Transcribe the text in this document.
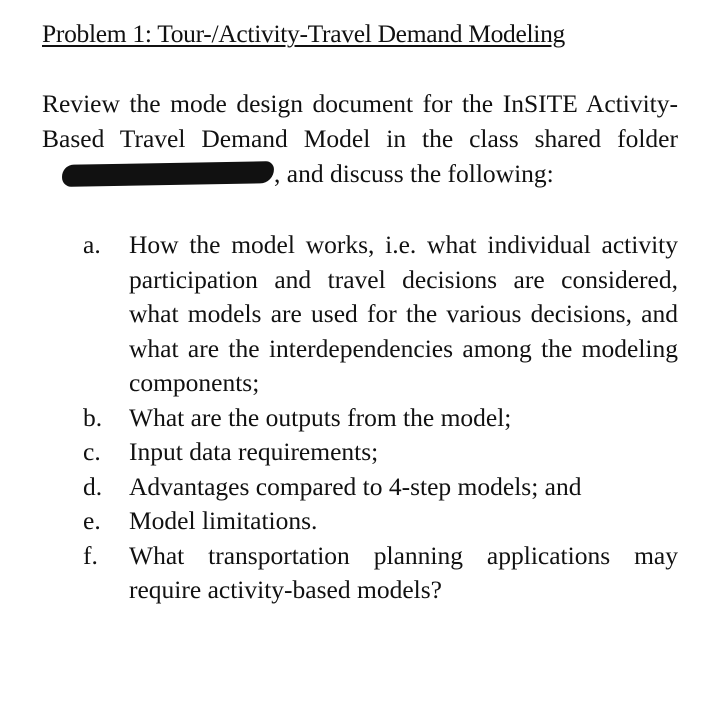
Problem 1: Tour-/Activity-Travel Demand Modeling
Review the mode design document for the InSITE Activity-Based Travel Demand Model in the class shared folder, and discuss the following:
a.	How the model works, i.e. what individual activity participation and travel decisions are considered, what models are used for the various decisions, and what are the interdependencies among the modeling components;
b.	What are the outputs from the model;
c.	Input data requirements;
d.	Advantages compared to 4-step models; and
e.	Model limitations.
f.	What transportation planning applications may require activity-based models?
